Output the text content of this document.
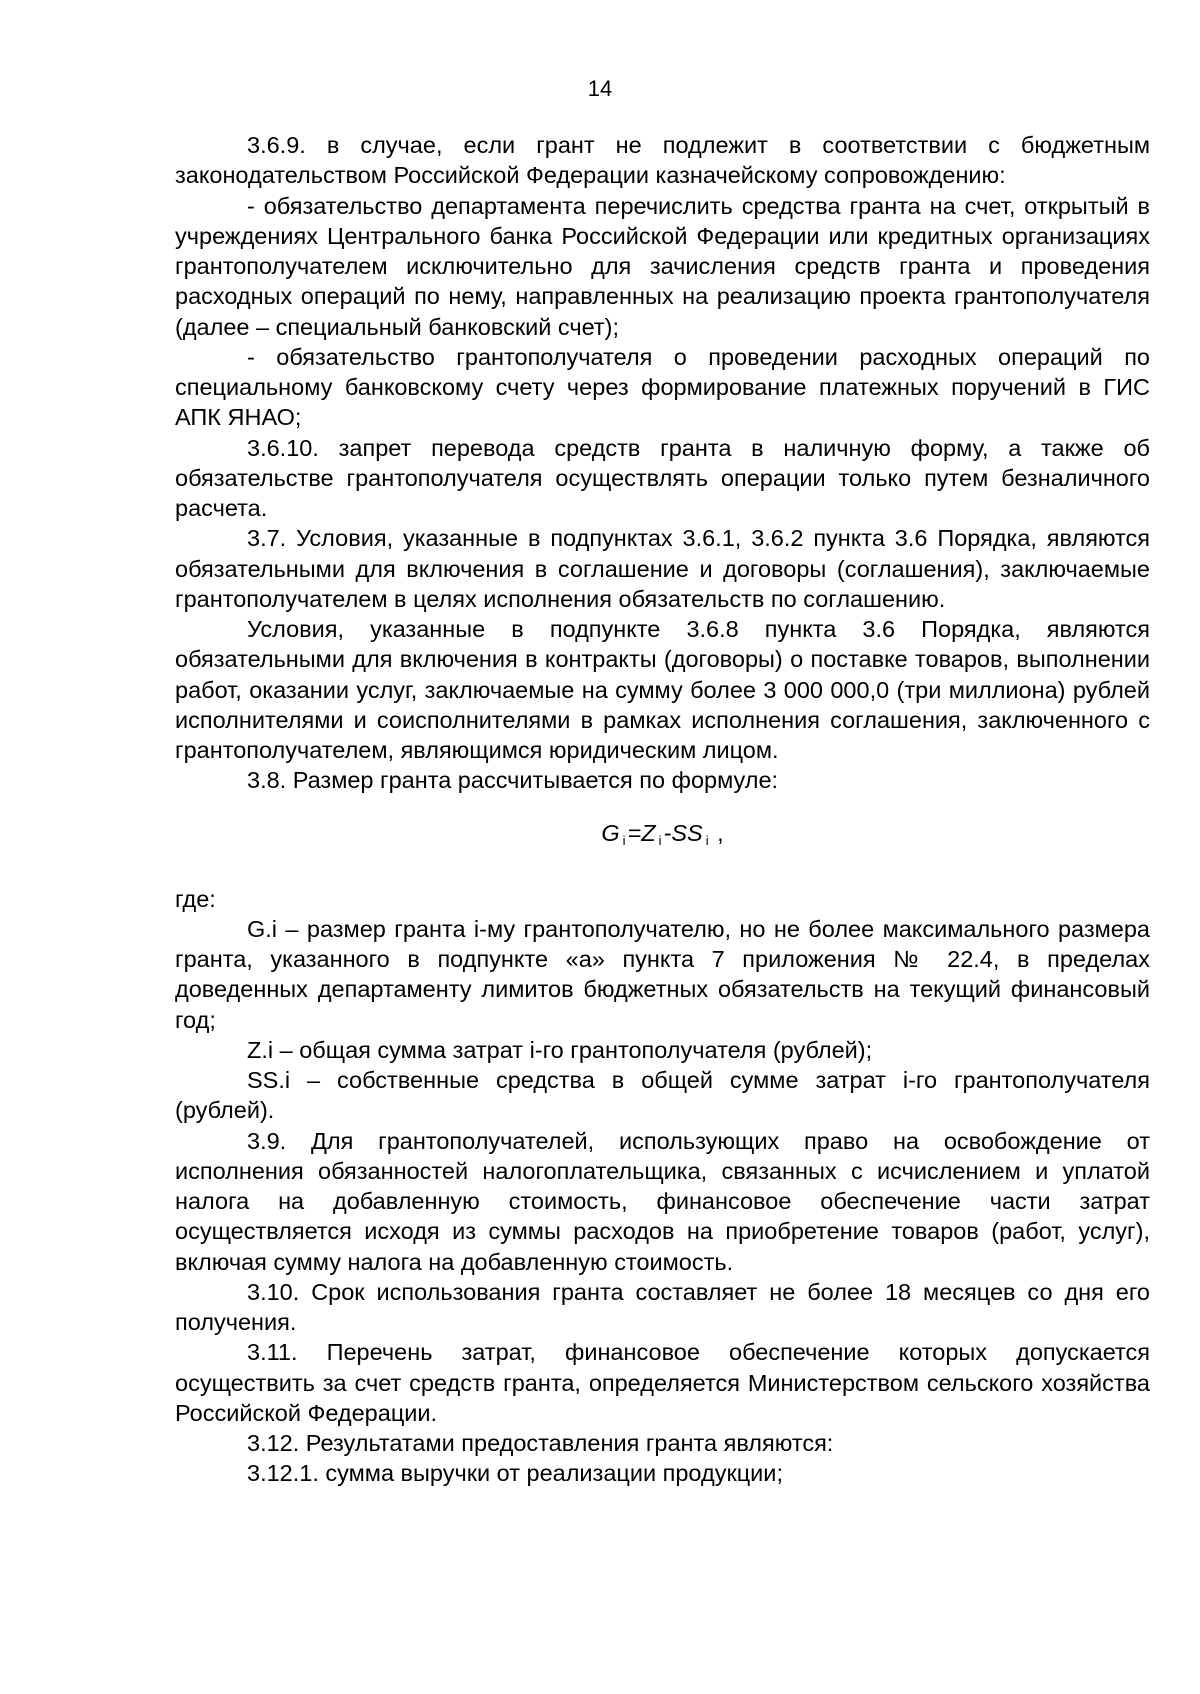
14

3.6.9. в случае, если грант не подлежит в соответствии с бюджетным законодательством Российской Федерации казначейскому сопровождению:

- обязательство департамента перечислить средства гранта на счет, открытый в учреждениях Центрального банка Российской Федерации или кредитных организациях грантополучателем исключительно для зачисления средств гранта и проведения расходных операций по нему, направленных на реализацию проекта грантополучателя (далее – специальный банковский счет);

- обязательство грантополучателя о проведении расходных операций по специальному банковскому счету через формирование платежных поручений в ГИС АПК ЯНАО;

3.6.10. запрет перевода средств гранта в наличную форму, а также об обязательстве грантополучателя осуществлять операции только путем безналичного расчета.

3.7. Условия, указанные в подпунктах 3.6.1, 3.6.2 пункта 3.6 Порядка, являются обязательными для включения в соглашение и договоры (соглашения), заключаемые грантополучателем в целях исполнения обязательств по соглашению.

Условия, указанные в подпункте 3.6.8 пункта 3.6 Порядка, являются обязательными для включения в контракты (договоры) о поставке товаров, выполнении работ, оказании услуг, заключаемые на сумму более 3 000 000,0 (три миллиона) рублей исполнителями и соисполнителями в рамках исполнения соглашения, заключенного с грантополучателем, являющимся юридическим лицом.

3.8. Размер гранта рассчитывается по формуле:

G $_i$=Z $_i$-SS $_i$ ,

где:

G.i – размер гранта i-му грантополучателю, но не более максимального размера гранта, указанного в подпункте «а» пункта 7 приложения № 22.4, в пределах доведенных департаменту лимитов бюджетных обязательств на текущий финансовый год;

Z.i – общая сумма затрат i-го грантополучателя (рублей);

SS.i – собственные средства в общей сумме затрат i-го грантополучателя (рублей).

3.9. Для грантополучателей, использующих право на освобождение от исполнения обязанностей налогоплательщика, связанных с исчислением и уплатой налога на добавленную стоимость, финансовое обеспечение части затрат осуществляется исходя из суммы расходов на приобретение товаров (работ, услуг), включая сумму налога на добавленную стоимость.

3.10. Срок использования гранта составляет не более 18 месяцев со дня его получения.

3.11. Перечень затрат, финансовое обеспечение которых допускается осуществить за счет средств гранта, определяется Министерством сельского хозяйства Российской Федерации.

3.12. Результатами предоставления гранта являются:

3.12.1. сумма выручки от реализации продукции;
